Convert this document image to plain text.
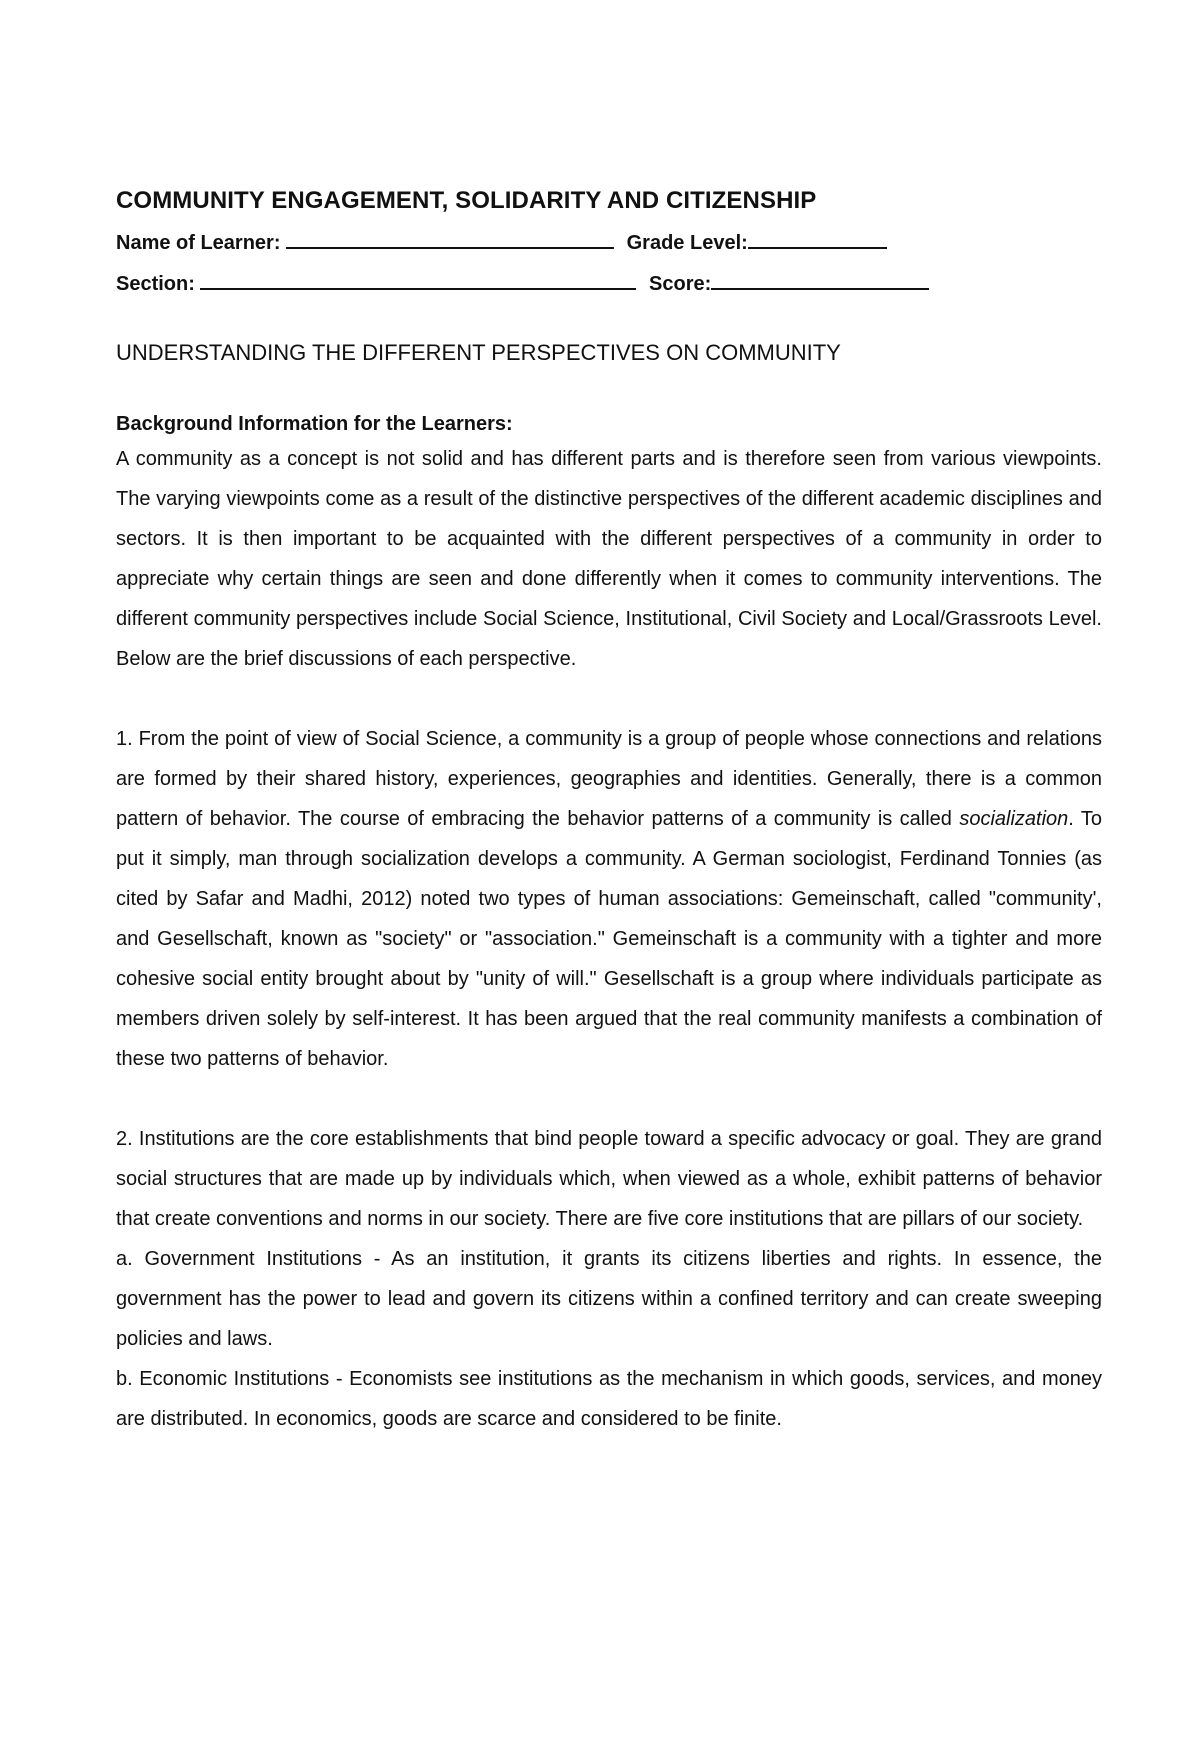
COMMUNITY ENGAGEMENT, SOLIDARITY AND CITIZENSHIP
Name of Learner:	Grade Level:
Section:	Score:
UNDERSTANDING THE DIFFERENT PERSPECTIVES ON COMMUNITY
Background Information for the Learners:

A community as a concept is not solid and has different parts and is therefore seen from various viewpoints. The varying viewpoints come as a result of the distinctive perspectives of the different academic disciplines and sectors. It is then important to be acquainted with the different perspectives of a community in order to appreciate why certain things are seen and done differently when it comes to community interventions. The different community perspectives include Social Science, Institutional, Civil Society and Local/Grassroots Level. Below are the brief discussions of each perspective.

1. From the point of view of Social Science, a community is a group of people whose connections and relations are formed by their shared history, experiences, geographies and identities. Generally, there is a common pattern of behavior. The course of embracing the behavior patterns of a community is called socialization. To put it simply, man through socialization develops a community. A German sociologist, Ferdinand Tonnies (as cited by Safar and Madhi, 2012) noted two types of human associations: Gemeinschaft, called "community', and Gesellschaft, known as "society" or "association." Gemeinschaft is a community with a tighter and more cohesive social entity brought about by "unity of will." Gesellschaft is a group where individuals participate as members driven solely by self-interest. It has been argued that the real community manifests a combination of these two patterns of behavior.

2. Institutions are the core establishments that bind people toward a specific advocacy or goal. They are grand social structures that are made up by individuals which, when viewed as a whole, exhibit patterns of behavior that create conventions and norms in our society. There are five core institutions that are pillars of our society.

a. Government Institutions - As an institution, it grants its citizens liberties and rights. In essence, the government has the power to lead and govern its citizens within a confined territory and can create sweeping policies and laws.

b. Economic Institutions - Economists see institutions as the mechanism in which goods, services, and money are distributed. In economics, goods are scarce and considered to be finite.
